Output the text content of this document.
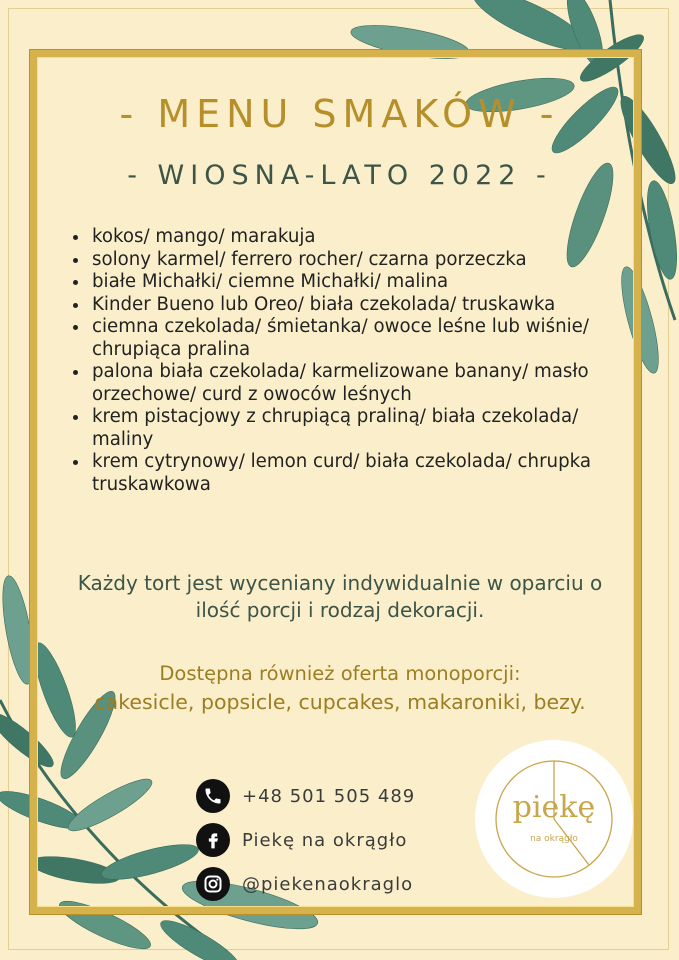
- MENU SMAKÓW -
- WIOSNA-LATO 2022 -
• kokos/ mango/ marakuja
• solony karmel/ ferrero rocher/ czarna porzeczka
• białe Michałki/ ciemne Michałki/ malina
• Kinder Bueno lub Oreo/ biała czekolada/ truskawka
• ciemna czekolada/ śmietanka/ owoce leśne lub wiśnie/ chrupiąca pralina
• palona biała czekolada/ karmelizowane banany/ masło orzechowe/ curd z owoców leśnych
• krem pistacjowy z chrupiącą praliną/ biała czekolada/ maliny
• krem cytrynowy/ lemon curd/ biała czekolada/ chrupka truskawkowa
Każdy tort jest wyceniany indywidualnie w oparciu o ilość porcji i rodzaj dekoracji.
Dostępna również oferta monoporcji:
cakesicle, popsicle, cupcakes, makaroniki, bezy.
+48 501 505 489
Piekę na okrągło
@piekenaokraglo
piekę
na okrągło
